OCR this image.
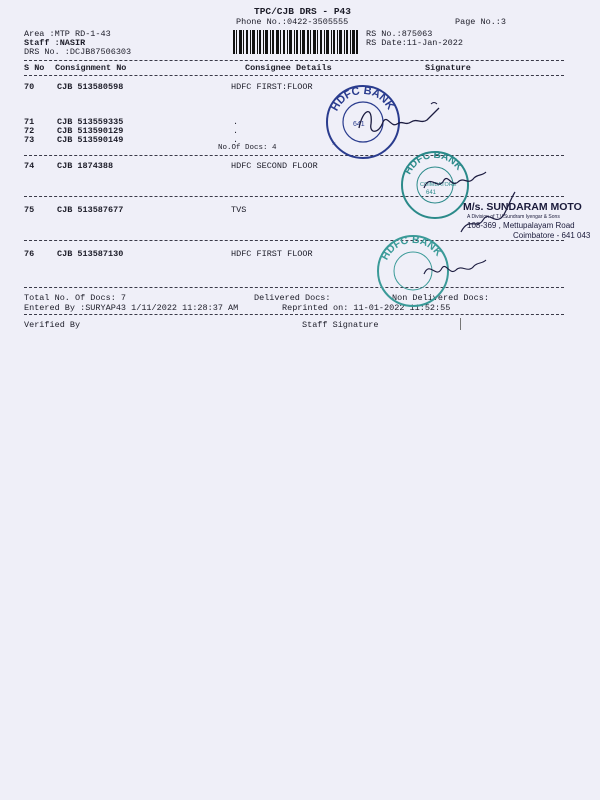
TPC/CJB DRS - P43
Phone No.:0422-3505555	Page No.:3
Area :MTP RD-1-43
Staff :NASIR
DRS No. :DCJB87506303
RS No.:875063
RS Date:11-Jan-2022
S No Consignment No	Consignee Details	Signature
70	CJB 513580598	HDFC FIRST:FLOOR
71	CJB 513559335	.
72	CJB 513590129	.
73	CJB 513590149	.
No.Of Docs: 4
74	CJB 1874388	HDFC SECOND FLOOR
75	CJB 513587677	TVS
76	CJB 513587130	HDFC FIRST FLOOR
Total No. Of Docs: 7	Delivered Docs:	Non Delivered Docs:
Entered By :SURYAP43 1/11/2022 11:28:37 AM	Reprinted on: 11-01-2022 11:52:55
Verified By	Staff Signature
HDFC BANK
641
*
HDFC BANK
COIMBATORE
641
M/s. SUNDARAM MOTO
A Division of T.V.Sundram Iyengar & Sons
108-369 , Mettupalayam Road
Coimbatore - 641 043
HDFC BANK
